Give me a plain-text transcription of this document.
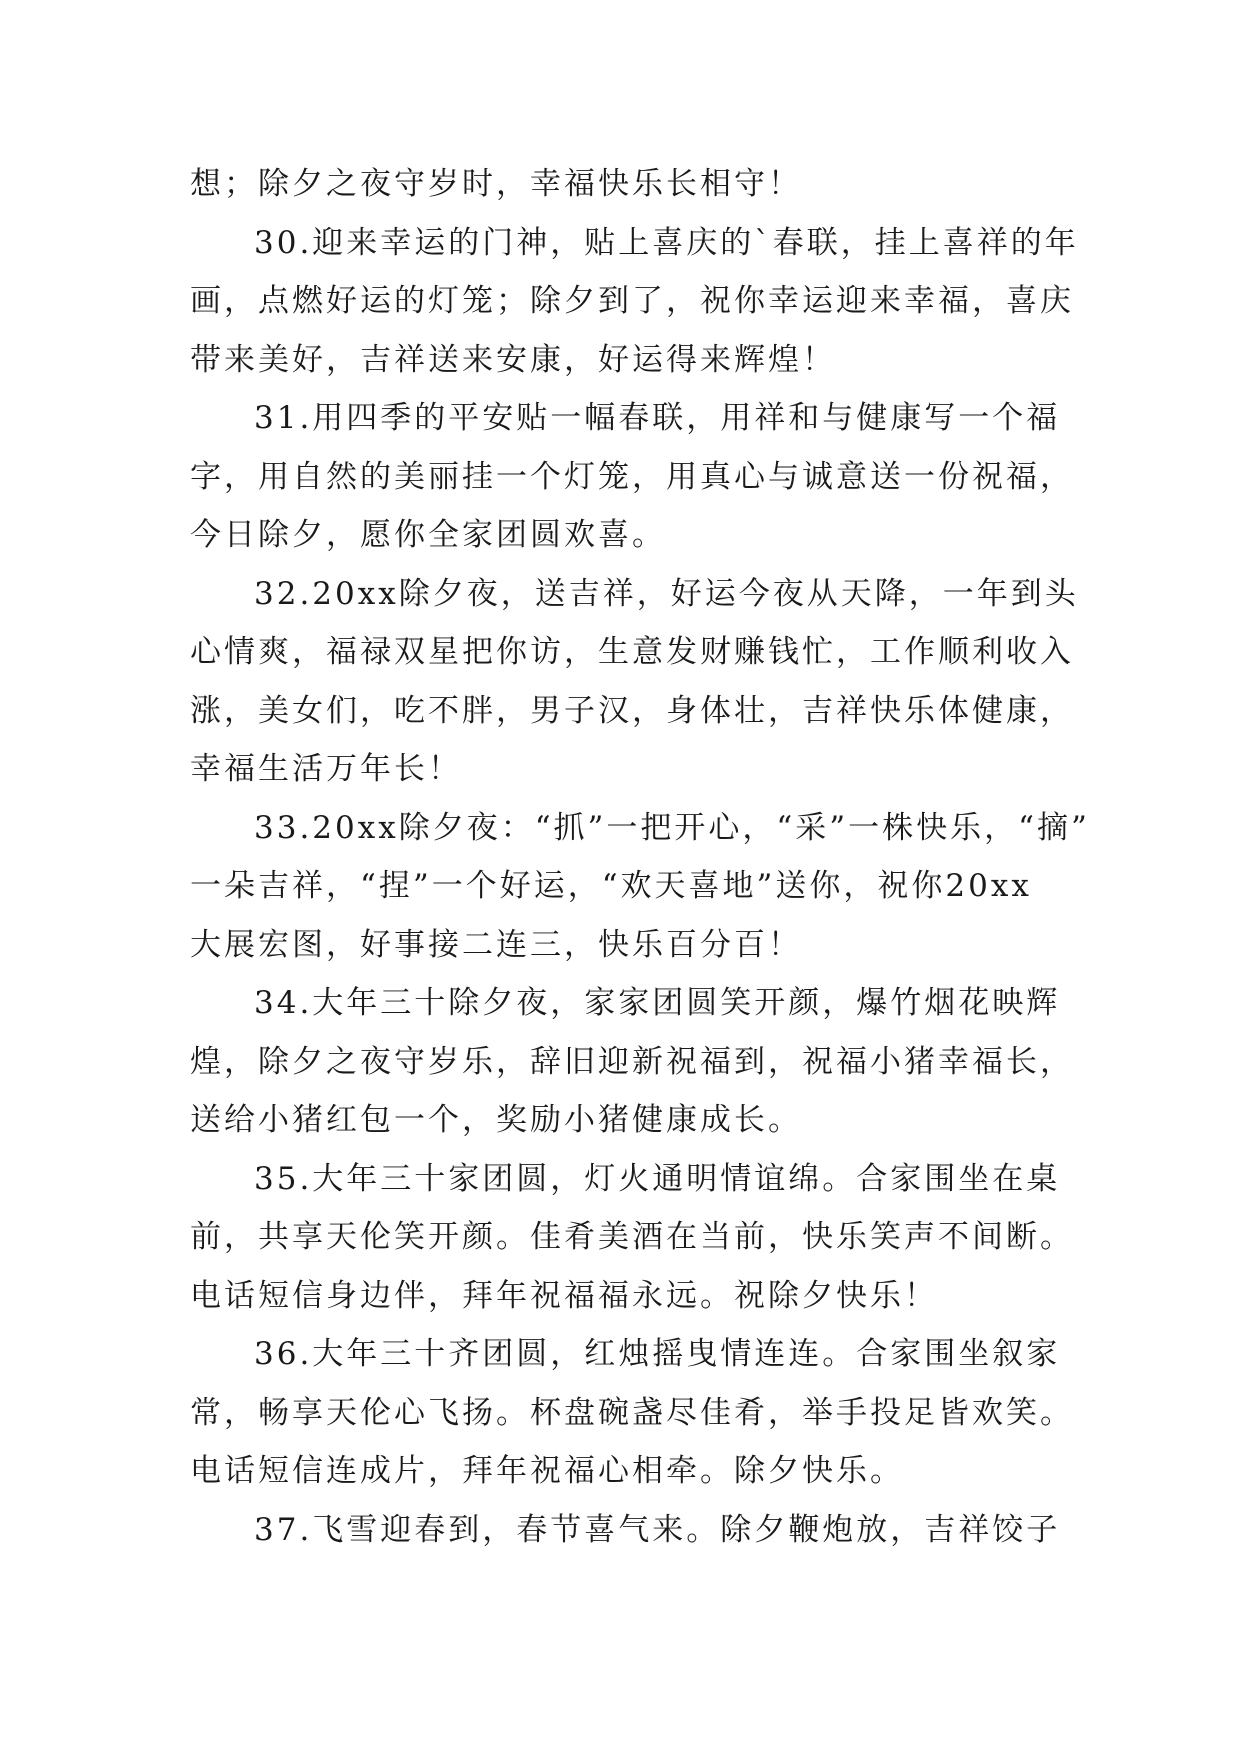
想；除夕之夜守岁时，幸福快乐长相守！
30.迎来幸运的门神，贴上喜庆的`春联，挂上喜祥的年
画，点燃好运的灯笼；除夕到了，祝你幸运迎来幸福，喜庆
带来美好，吉祥送来安康，好运得来辉煌！
31.用四季的平安贴一幅春联，用祥和与健康写一个福
字，用自然的美丽挂一个灯笼，用真心与诚意送一份祝福，
今日除夕，愿你全家团圆欢喜。
32.20xx除夕夜，送吉祥，好运今夜从天降，一年到头
心情爽，福禄双星把你访，生意发财赚钱忙，工作顺利收入
涨，美女们，吃不胖，男子汉，身体壮，吉祥快乐体健康，
幸福生活万年长！
33.20xx除夕夜：“抓”一把开心，“采”一株快乐，“摘”
一朵吉祥，“捏”一个好运，“欢天喜地”送你，祝你20xx
大展宏图，好事接二连三，快乐百分百！
34.大年三十除夕夜，家家团圆笑开颜，爆竹烟花映辉
煌，除夕之夜守岁乐，辞旧迎新祝福到，祝福小猪幸福长，
送给小猪红包一个，奖励小猪健康成长。
35.大年三十家团圆，灯火通明情谊绵。合家围坐在桌
前，共享天伦笑开颜。佳肴美酒在当前，快乐笑声不间断。
电话短信身边伴，拜年祝福福永远。祝除夕快乐！
36.大年三十齐团圆，红烛摇曳情连连。合家围坐叙家
常，畅享天伦心飞扬。杯盘碗盏尽佳肴，举手投足皆欢笑。
电话短信连成片，拜年祝福心相牵。除夕快乐。
37.飞雪迎春到，春节喜气来。除夕鞭炮放，吉祥饺子
